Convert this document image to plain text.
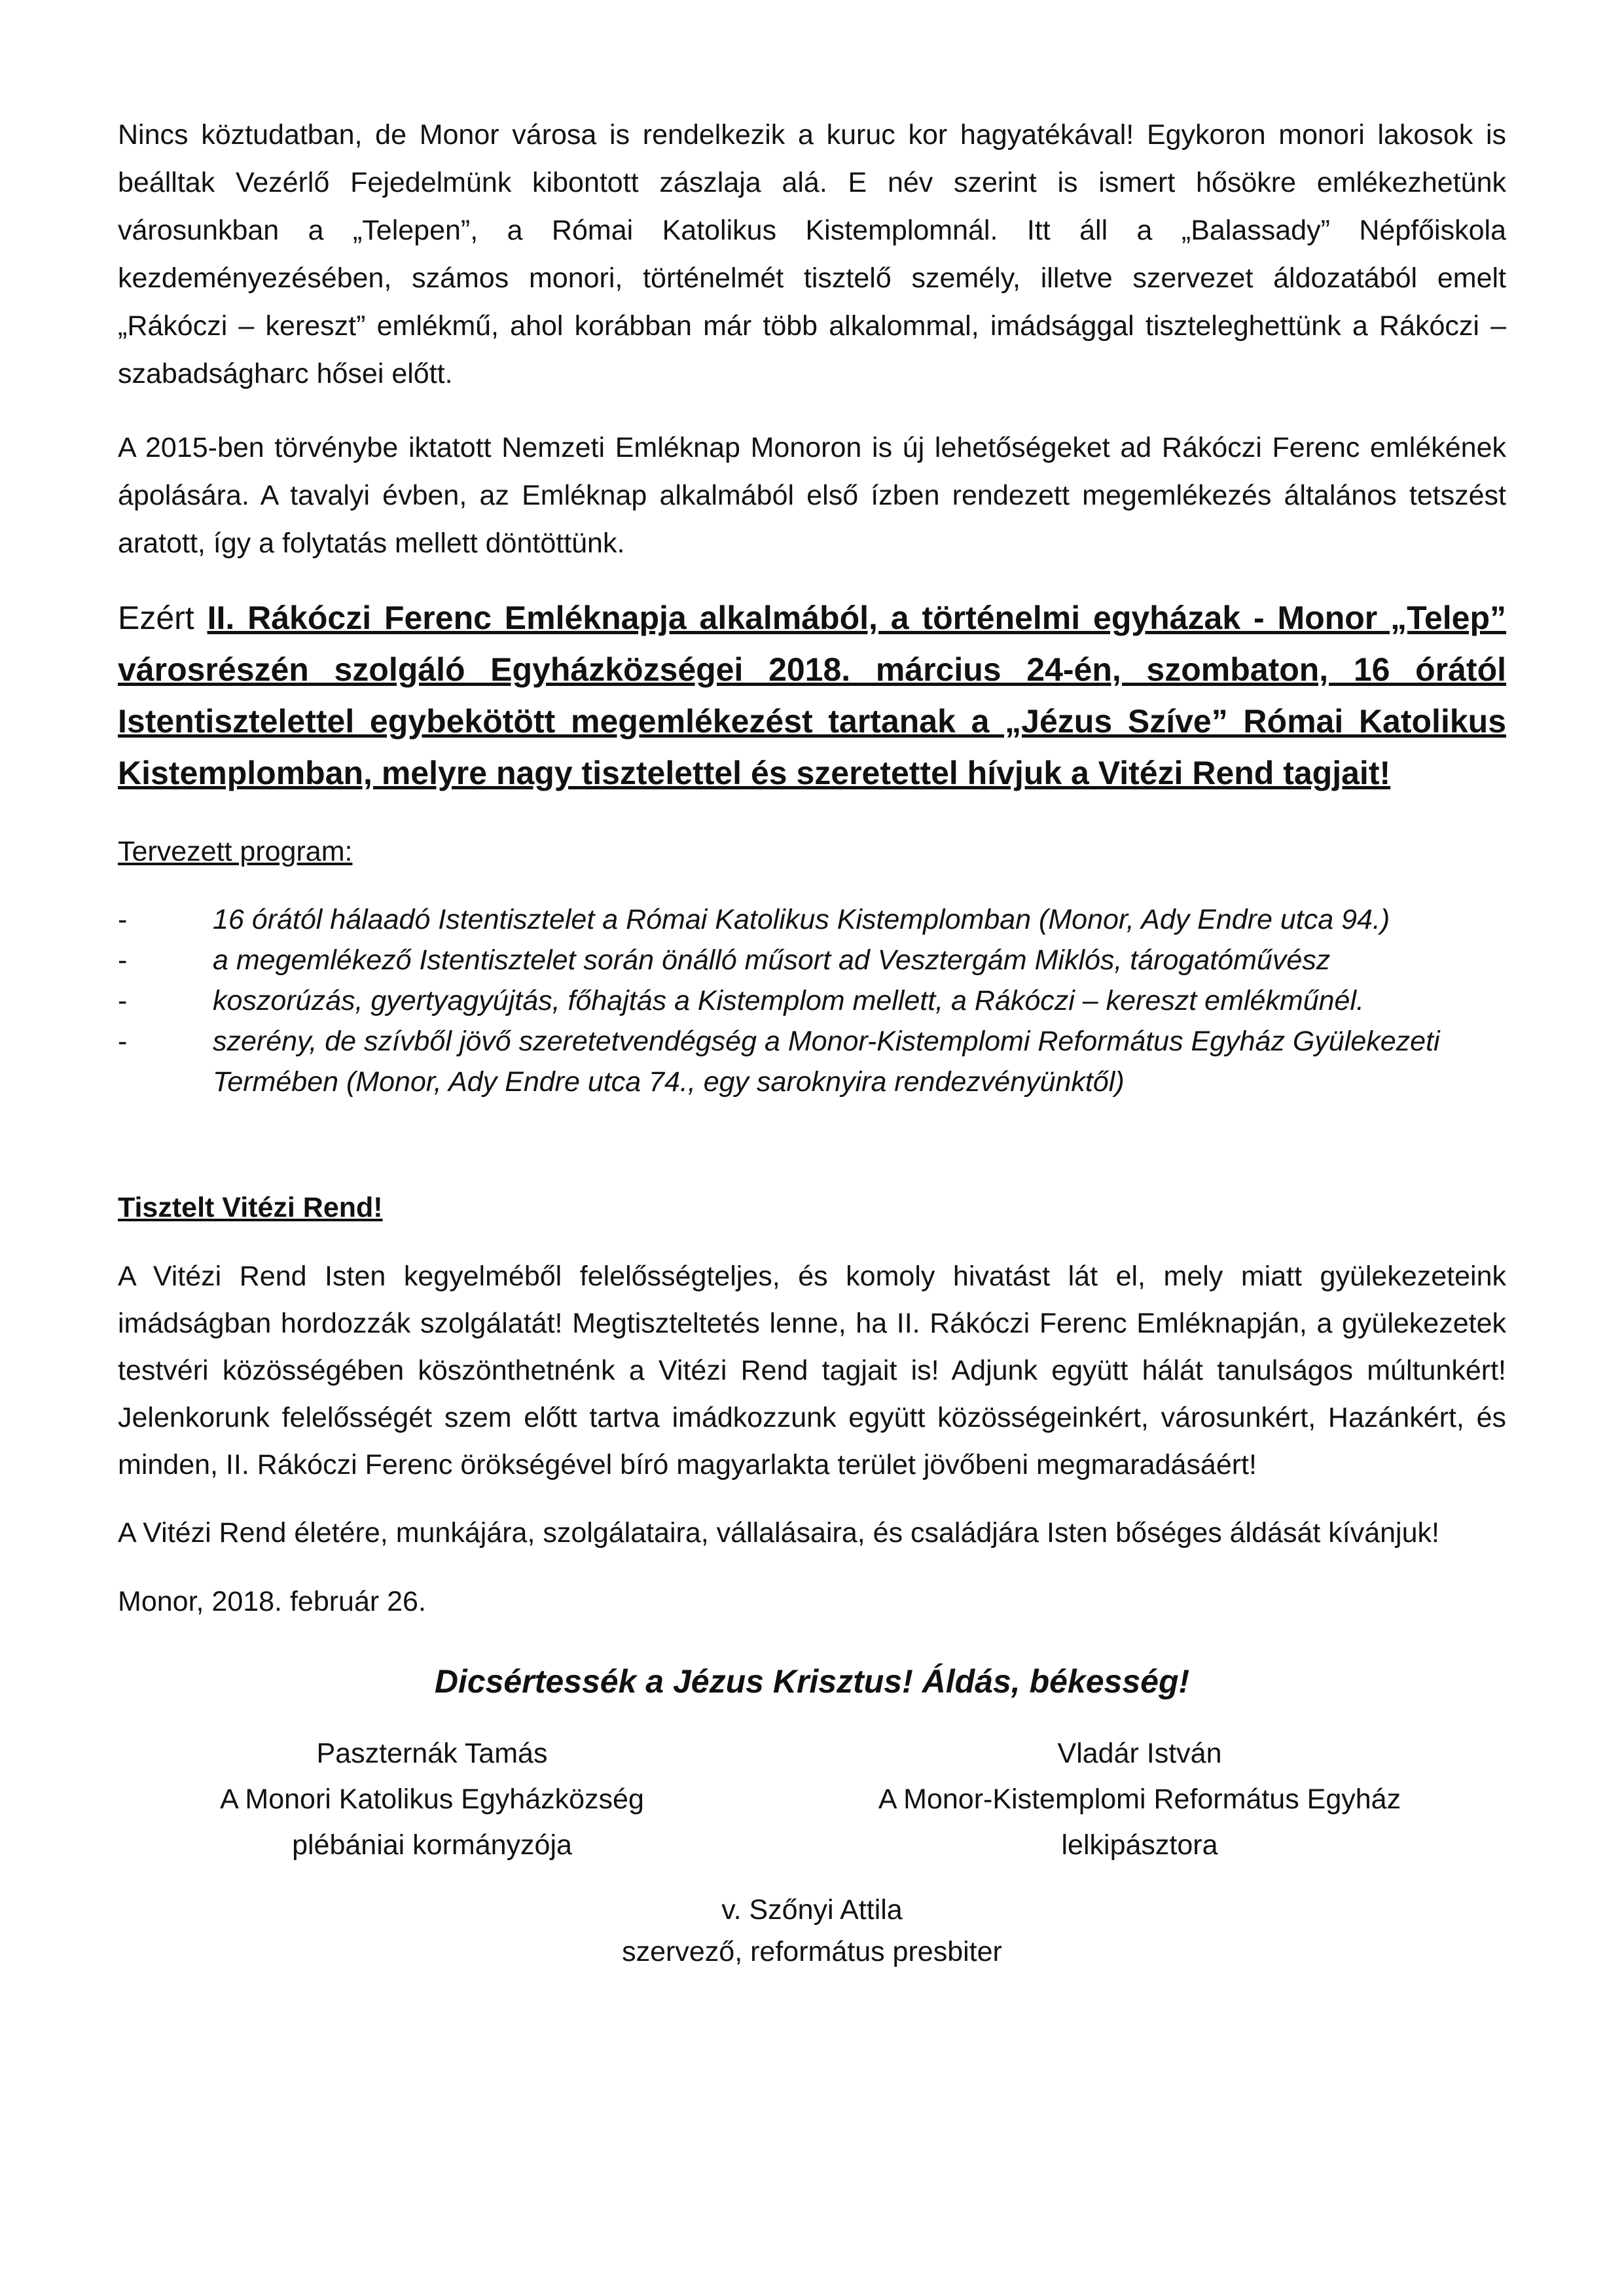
Nincs köztudatban, de Monor városa is rendelkezik a kuruc kor hagyatékával! Egykoron monori lakosok is beálltak Vezérlő Fejedelmünk kibontott zászlaja alá. E név szerint is ismert hősökre emlékezhetünk városunkban a „Telepen”, a Római Katolikus Kistemplomnál. Itt áll a „Balassady” Népfőiskola kezdeményezésében, számos monori, történelmét tisztelő személy, illetve szervezet áldozatából emelt „Rákóczi – kereszt” emlékmű, ahol korábban már több alkalommal, imádsággal tiszteleghettünk a Rákóczi – szabadságharc hősei előtt.

A 2015-ben törvénybe iktatott Nemzeti Emléknap Monoron is új lehetőségeket ad Rákóczi Ferenc emlékének ápolására. A tavalyi évben, az Emléknap alkalmából első ízben rendezett megemlékezés általános tetszést aratott, így a folytatás mellett döntöttünk.

Ezért II. Rákóczi Ferenc Emléknapja alkalmából, a történelmi egyházak - Monor „Telep” városrészén szolgáló Egyházközségei 2018. március 24-én, szombaton, 16 órától Istentisztelettel egybekötött megemlékezést tartanak a „Jézus Szíve” Római Katolikus Kistemplomban, melyre nagy tisztelettel és szeretettel hívjuk a Vitézi Rend tagjait!

Tervezett program:

-	16 órától hálaadó Istentisztelet a Római Katolikus Kistemplomban (Monor, Ady Endre utca 94.)
-	a megemlékező Istentisztelet során önálló műsort ad Vesztergám Miklós, tárogatóművész
-	koszorúzás, gyertyagyújtás, főhajtás a Kistemplom mellett, a Rákóczi – kereszt emlékműnél.
-	szerény, de szívből jövő szeretetvendégség a Monor-Kistemplomi Református Egyház Gyülekezeti Termében (Monor, Ady Endre utca 74., egy saroknyira rendezvényünktől)

Tisztelt Vitézi Rend!

A Vitézi Rend Isten kegyelméből felelősségteljes, és komoly hivatást lát el, mely miatt gyülekezeteink imádságban hordozzák szolgálatát! Megtiszteltetés lenne, ha II. Rákóczi Ferenc Emléknapján, a gyülekezetek testvéri közösségében köszönthetnénk a Vitézi Rend tagjait is! Adjunk együtt hálát tanulságos múltunkért! Jelenkorunk felelősségét szem előtt tartva imádkozzunk együtt közösségeinkért, városunkért, Hazánkért, és minden, II. Rákóczi Ferenc örökségével bíró magyarlakta terület jövőbeni megmaradásáért!

A Vitézi Rend életére, munkájára, szolgálataira, vállalásaira, és családjára Isten bőséges áldását kívánjuk!

Monor, 2018. február 26.

Dicsértessék a Jézus Krisztus! Áldás, békesség!

Paszternák Tamás
A Monori Katolikus Egyházközség
plébániai kormányzója
Vladár István
A Monor-Kistemplomi Református Egyház
lelkipásztora
v. Szőnyi Attila
szervező, református presbiter
